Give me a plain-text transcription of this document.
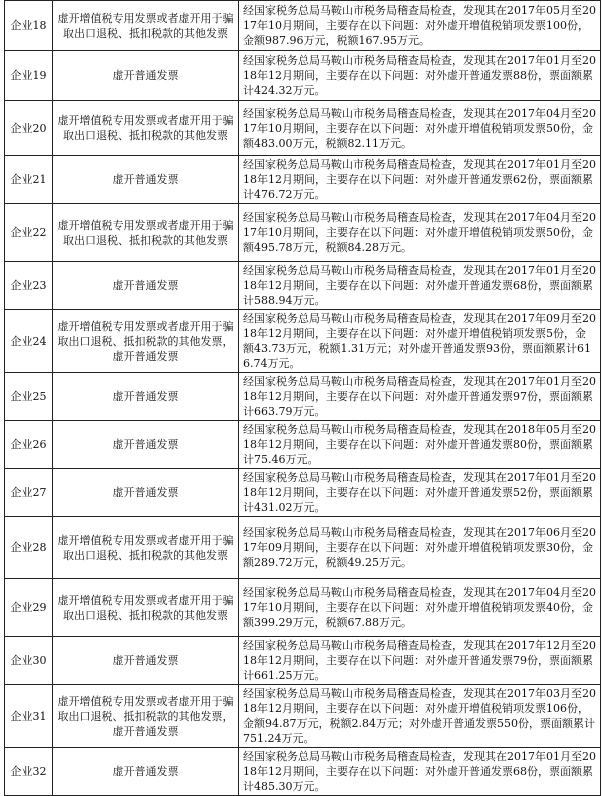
企业18	虚开增值税专用发票或者虚开用于骗取出口退税、抵扣税款的其他发票	经国家税务总局马鞍山市税务局稽查局检查，发现其在2017年05月至2017年10月期间，主要存在以下问题：对外虚开增值税销项发票100份，金额987.96万元，税额167.95万元。
企业19	虚开普通发票	经国家税务总局马鞍山市税务局稽查局检查，发现其在2017年01月至2018年12月期间，主要存在以下问题：对外虚开普通发票88份，票面额累计424.32万元。
企业20	虚开增值税专用发票或者虚开用于骗取出口退税、抵扣税款的其他发票	经国家税务总局马鞍山市税务局稽查局检查，发现其在2017年04月至2017年10月期间，主要存在以下问题：对外虚开增值税销项发票50份，金额483.00万元，税额82.11万元。
企业21	虚开普通发票	经国家税务总局马鞍山市税务局稽查局检查，发现其在2017年01月至2018年12月期间，主要存在以下问题：对外虚开普通发票62份，票面额累计476.72万元。
企业22	虚开增值税专用发票或者虚开用于骗取出口退税、抵扣税款的其他发票	经国家税务总局马鞍山市税务局稽查局检查，发现其在2017年04月至2017年10月期间，主要存在以下问题：对外虚开增值税销项发票50份，金额495.78万元，税额84.28万元。
企业23	虚开普通发票	经国家税务总局马鞍山市税务局稽查局检查，发现其在2017年01月至2018年12月期间，主要存在以下问题：对外虚开普通发票68份，票面额累计588.94万元。
企业24	虚开增值税专用发票或者虚开用于骗取出口退税、抵扣税款的其他发票，虚开普通发票	经国家税务总局马鞍山市税务局稽查局检查，发现其在2017年09月至2018年12月期间，主要存在以下问题：对外虚开增值税销项发票5份，金额43.73万元，税额1.31万元；对外虚开普通发票93份，票面额累计616.74万元。
企业25	虚开普通发票	经国家税务总局马鞍山市税务局稽查局检查，发现其在2017年01月至2018年12月期间，主要存在以下问题：对外虚开普通发票97份，票面额累计663.79万元。
企业26	虚开普通发票	经国家税务总局马鞍山市税务局稽查局检查，发现其在2018年05月至2018年12月期间，主要存在以下问题：对外虚开普通发票80份，票面额累计75.46万元。
企业27	虚开普通发票	经国家税务总局马鞍山市税务局稽查局检查，发现其在2017年01月至2018年12月期间，主要存在以下问题：对外虚开普通发票52份，票面额累计431.02万元。
企业28	虚开增值税专用发票或者虚开用于骗取出口退税、抵扣税款的其他发票	经国家税务总局马鞍山市税务局稽查局检查，发现其在2017年06月至2017年09月期间，主要存在以下问题：对外虚开增值税销项发票30份，金额289.72万元，税额49.25万元。
企业29	虚开增值税专用发票或者虚开用于骗取出口退税、抵扣税款的其他发票	经国家税务总局马鞍山市税务局稽查局检查，发现其在2017年04月至2017年10月期间，主要存在以下问题：对外虚开增值税销项发票40份，金额399.29万元，税额67.88万元。
企业30	虚开普通发票	经国家税务总局马鞍山市税务局稽查局检查，发现其在2017年12月至2018年12月期间，主要存在以下问题：对外虚开普通发票79份，票面额累计661.25万元。
企业31	虚开增值税专用发票或者虚开用于骗取出口退税、抵扣税款的其他发票，虚开普通发票	经国家税务总局马鞍山市税务局稽查局检查，发现其在2017年03月至2018年12月期间，主要存在以下问题：对外虚开增值税销项发票106份，金额94.87万元，税额2.84万元；对外虚开普通发票550份，票面额累计751.24万元。
企业32	虚开普通发票	经国家税务总局马鞍山市税务局稽查局检查，发现其在2017年01月至2018年12月期间，主要存在以下问题：对外虚开普通发票68份，票面额累计485.30万元。
